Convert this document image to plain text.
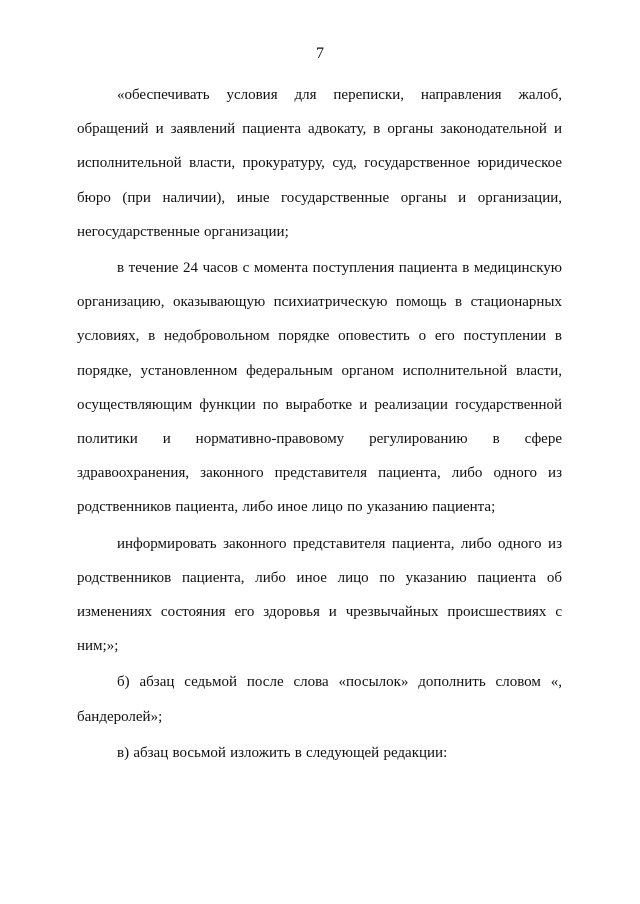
7

«обеспечивать условия для переписки, направления жалоб, обращений и заявлений пациента адвокату, в органы законодательной и исполнительной власти, прокуратуру, суд, государственное юридическое бюро (при наличии), иные государственные органы и организации, негосударственные организации;

в течение 24 часов с момента поступления пациента в медицинскую организацию, оказывающую психиатрическую помощь в стационарных условиях, в недобровольном порядке оповестить о его поступлении в порядке, установленном федеральным органом исполнительной власти, осуществляющим функции по выработке и реализации государственной политики и нормативно-правовому регулированию в сфере здравоохранения, законного представителя пациента, либо одного из родственников пациента, либо иное лицо по указанию пациента;

информировать законного представителя пациента, либо одного из родственников пациента, либо иное лицо по указанию пациента об изменениях состояния его здоровья и чрезвычайных происшествиях с ним;»;

б) абзац седьмой после слова «посылок» дополнить словом «, бандеролей»;

в) абзац восьмой изложить в следующей редакции:
